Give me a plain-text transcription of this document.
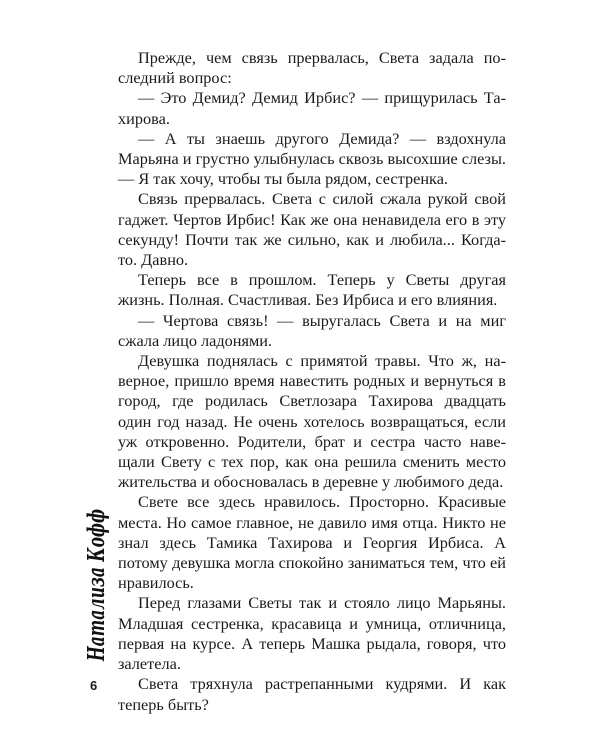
Прежде, чем связь прервалась, Света задала последний вопрос:

— Это Демид? Демид Ирбис? — прищурилась Тахирова.

— А ты знаешь другого Демида? — вздохнула Марьяна и грустно улыбнулась сквозь высохшие слезы. — Я так хочу, чтобы ты была рядом, сестренка.

Связь прервалась. Света с силой сжала рукой свой гаджет. Чертов Ирбис! Как же она ненавидела его в эту секунду! Почти так же сильно, как и любила... Когда-то. Давно.

Теперь все в прошлом. Теперь у Светы другая жизнь. Полная. Счастливая. Без Ирбиса и его влияния.

— Чертова связь! — выругалась Света и на миг сжала лицо ладонями.

Девушка поднялась с примятой травы. Что ж, наверное, пришло время навестить родных и вернуться в город, где родилась Светлозара Тахирова двадцать один год назад. Не очень хотелось возвращаться, если уж откровенно. Родители, брат и сестра часто навещали Свету с тех пор, как она решила сменить место жительства и обосновалась в деревне у любимого деда.

Свете все здесь нравилось. Просторно. Красивые места. Но самое главное, не давило имя отца. Никто не знал здесь Тамика Тахирова и Георгия Ирбиса. А потому девушка могла спокойно заниматься тем, что ей нравилось.

Перед глазами Светы так и стояло лицо Марьяны. Младшая сестренка, красавица и умница, отличница, первая на курсе. А теперь Машка рыдала, говоря, что залетела.

Света тряхнула растрепанными кудрями. И как теперь быть?

Натализа Кофф
6
